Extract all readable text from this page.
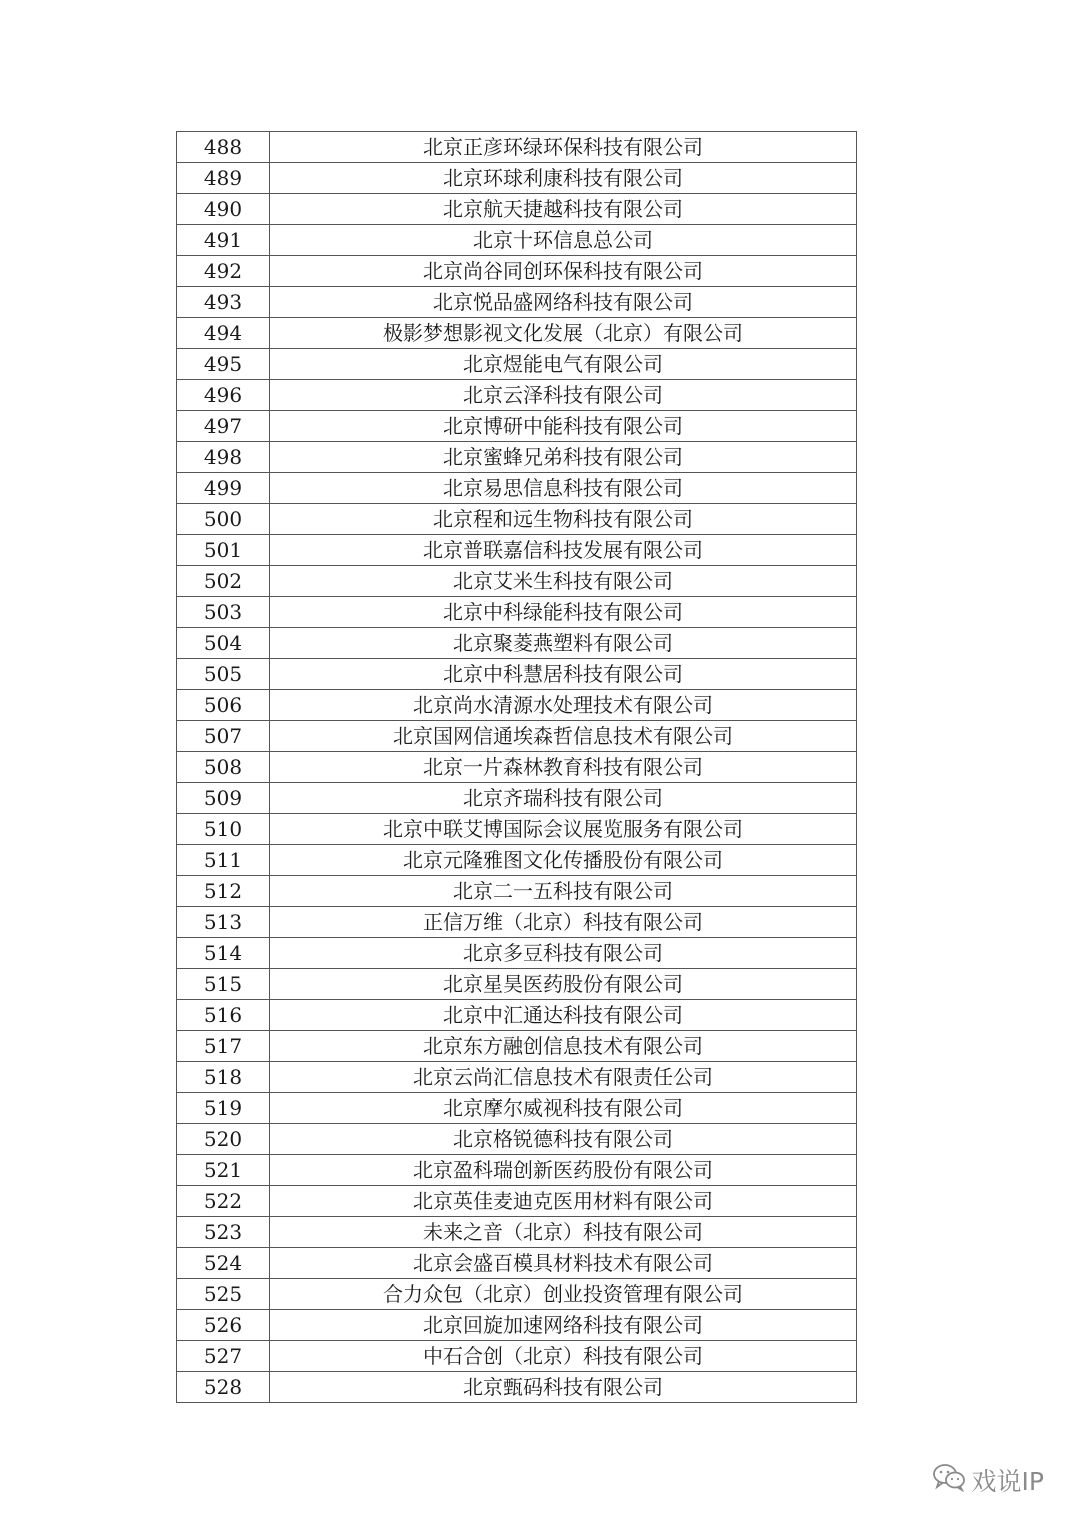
488	北京正彦环绿环保科技有限公司
489	北京环球利康科技有限公司
490	北京航天捷越科技有限公司
491	北京十环信息总公司
492	北京尚谷同创环保科技有限公司
493	北京悦品盛网络科技有限公司
494	极影梦想影视文化发展（北京）有限公司
495	北京煜能电气有限公司
496	北京云泽科技有限公司
497	北京博研中能科技有限公司
498	北京蜜蜂兄弟科技有限公司
499	北京易思信息科技有限公司
500	北京程和远生物科技有限公司
501	北京普联嘉信科技发展有限公司
502	北京艾米生科技有限公司
503	北京中科绿能科技有限公司
504	北京聚菱燕塑料有限公司
505	北京中科慧居科技有限公司
506	北京尚水清源水处理技术有限公司
507	北京国网信通埃森哲信息技术有限公司
508	北京一片森林教育科技有限公司
509	北京齐瑞科技有限公司
510	北京中联艾博国际会议展览服务有限公司
511	北京元隆雅图文化传播股份有限公司
512	北京二一五科技有限公司
513	正信万维（北京）科技有限公司
514	北京多豆科技有限公司
515	北京星昊医药股份有限公司
516	北京中汇通达科技有限公司
517	北京东方融创信息技术有限公司
518	北京云尚汇信息技术有限责任公司
519	北京摩尔威视科技有限公司
520	北京格锐德科技有限公司
521	北京盈科瑞创新医药股份有限公司
522	北京英佳麦迪克医用材料有限公司
523	未来之音（北京）科技有限公司
524	北京会盛百模具材料技术有限公司
525	合力众包（北京）创业投资管理有限公司
526	北京回旋加速网络科技有限公司
527	中石合创（北京）科技有限公司
528	北京甄码科技有限公司
戏说IP
